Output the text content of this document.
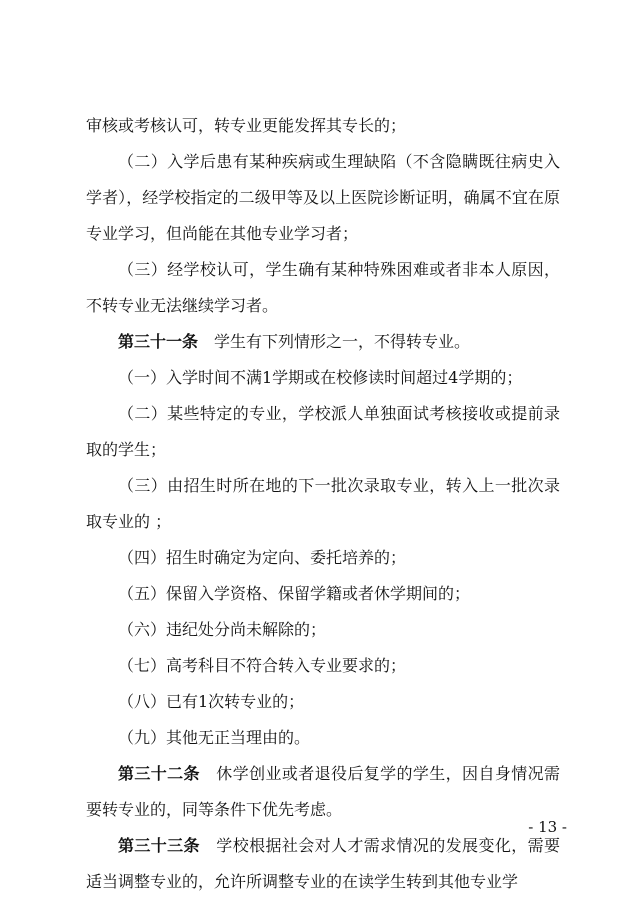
审核或考核认可，转专业更能发挥其专长的；

（二）入学后患有某种疾病或生理缺陷（不含隐瞒既往病史入学者），经学校指定的二级甲等及以上医院诊断证明，确属不宜在原专业学习，但尚能在其他专业学习者；

（三）经学校认可，学生确有某种特殊困难或者非本人原因，不转专业无法继续学习者。

第三十一条 学生有下列情形之一，不得转专业。

（一）入学时间不满1学期或在校修读时间超过4学期的；

（二）某些特定的专业，学校派人单独面试考核接收或提前录取的学生；

（三）由招生时所在地的下一批次录取专业，转入上一批次录取专业的 ；

（四）招生时确定为定向、委托培养的；

（五）保留入学资格、保留学籍或者休学期间的；

（六）违纪处分尚未解除的；

（七）高考科目不符合转入专业要求的；

（八）已有1次转专业的；

（九）其他无正当理由的。

第三十二条 休学创业或者退役后复学的学生，因自身情况需要转专业的，同等条件下优先考虑。

第三十三条 学校根据社会对人才需求情况的发展变化，需要适当调整专业的，允许所调整专业的在读学生转到其他专业学

- 13 -
